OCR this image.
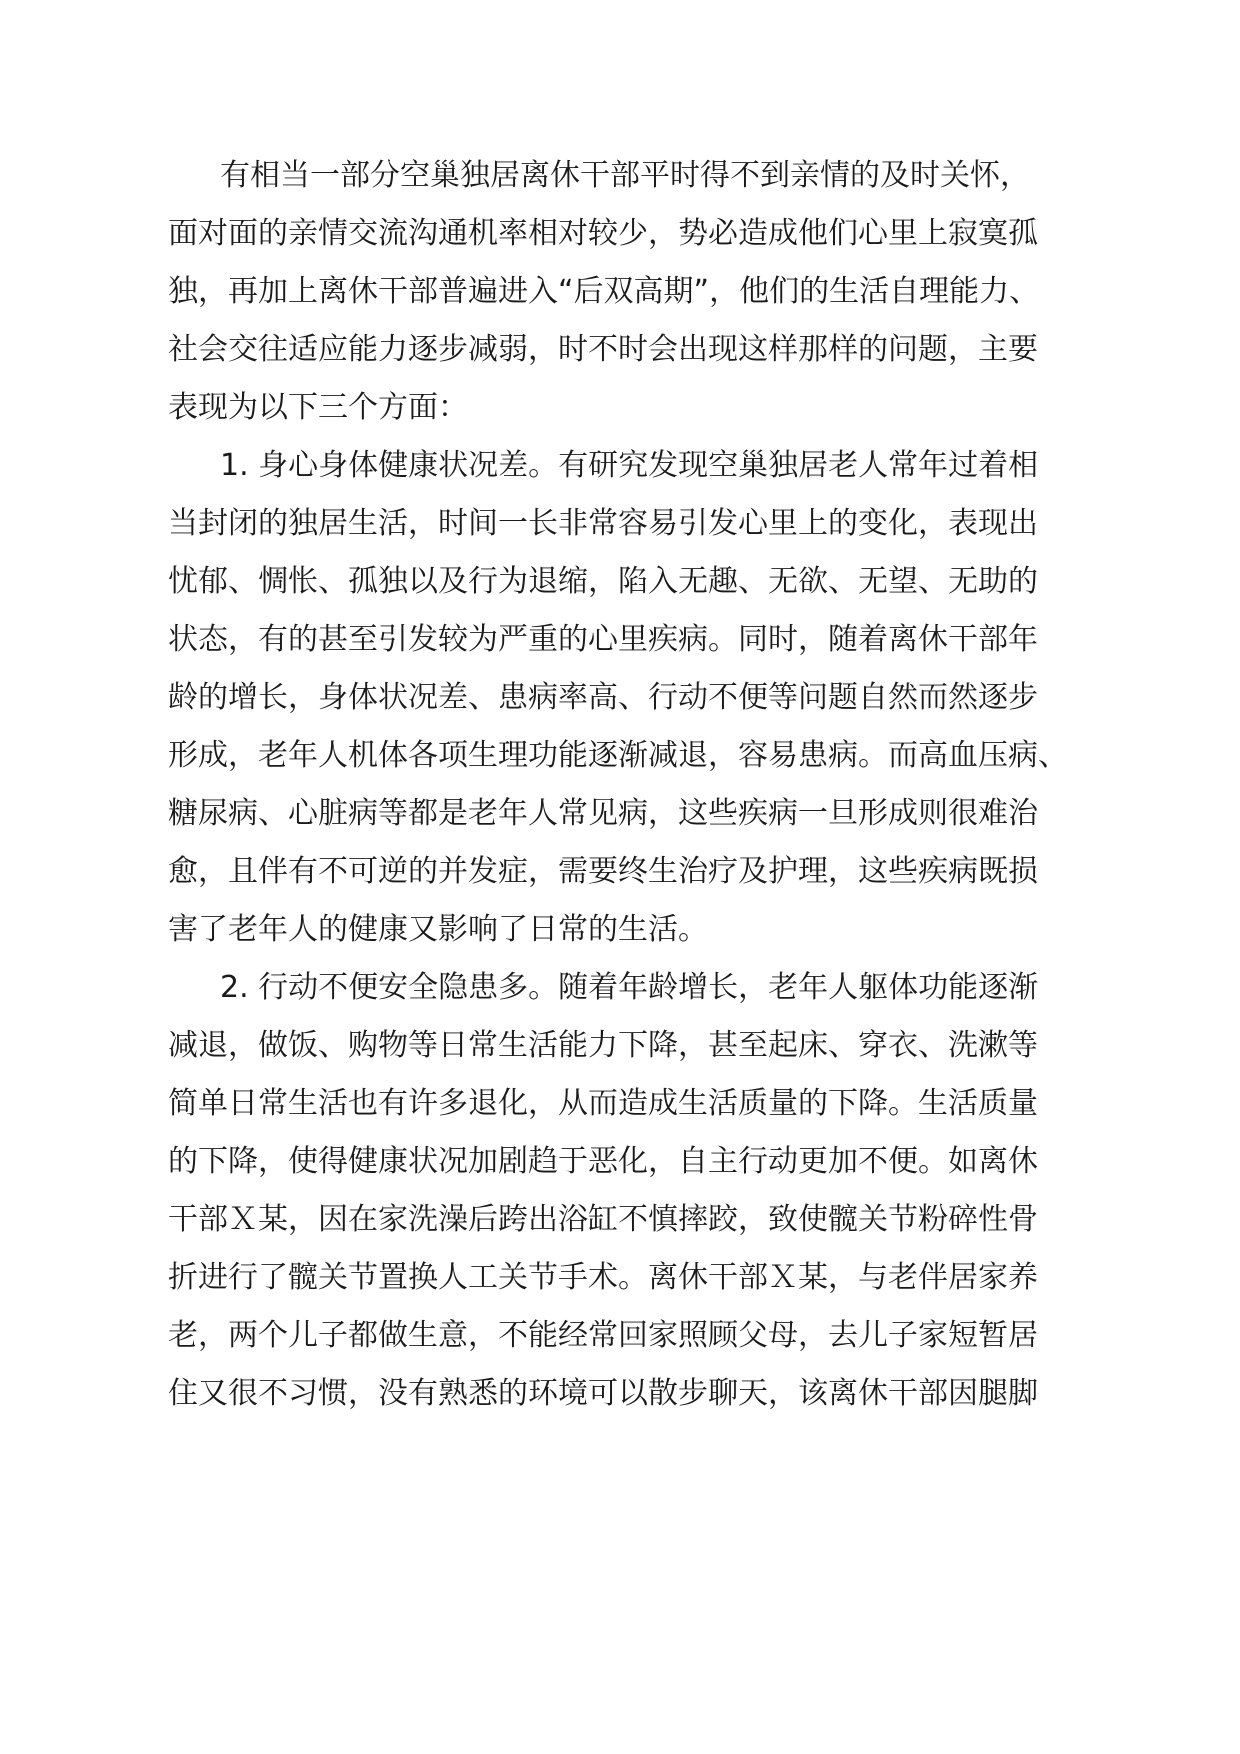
有相当一部分空巢独居离休干部平时得不到亲情的及时关怀，

面对面的亲情交流沟通机率相对较少，势必造成他们心里上寂寞孤

独，再加上离休干部普遍进入“后双高期”，他们的生活自理能力、

社会交往适应能力逐步减弱，时不时会出现这样那样的问题，主要

表现为以下三个方面：

1. 身心身体健康状况差。有研究发现空巢独居老人常年过着相

当封闭的独居生活，时间一长非常容易引发心里上的变化，表现出

忧郁、惆怅、孤独以及行为退缩，陷入无趣、无欲、无望、无助的

状态，有的甚至引发较为严重的心里疾病。同时，随着离休干部年

龄的增长，身体状况差、患病率高、行动不便等问题自然而然逐步

形成，老年人机体各项生理功能逐渐减退，容易患病。而高血压病、

糖尿病、心脏病等都是老年人常见病，这些疾病一旦形成则很难治

愈，且伴有不可逆的并发症，需要终生治疗及护理，这些疾病既损

害了老年人的健康又影响了日常的生活。

2. 行动不便安全隐患多。随着年龄增长，老年人躯体功能逐渐

减退，做饭、购物等日常生活能力下降，甚至起床、穿衣、洗漱等

简单日常生活也有许多退化，从而造成生活质量的下降。生活质量

的下降，使得健康状况加剧趋于恶化，自主行动更加不便。如离休

干部Ｘ某，因在家洗澡后跨出浴缸不慎摔跤，致使髋关节粉碎性骨

折进行了髋关节置换人工关节手术。离休干部Ｘ某，与老伴居家养

老，两个儿子都做生意，不能经常回家照顾父母，去儿子家短暂居

住又很不习惯，没有熟悉的环境可以散步聊天，该离休干部因腿脚
